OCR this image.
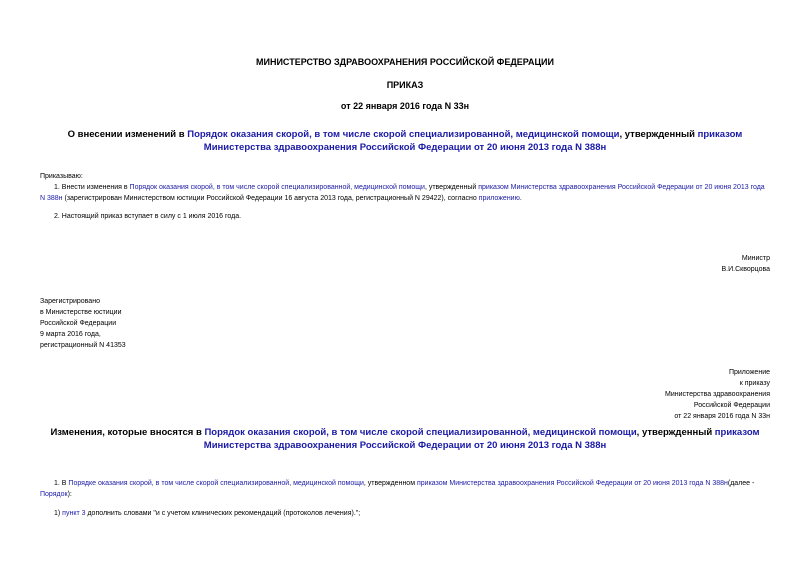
МИНИСТЕРСТВО ЗДРАВООХРАНЕНИЯ РОССИЙСКОЙ ФЕДЕРАЦИИ
ПРИКАЗ
от 22 января 2016 года N 33н
О внесении изменений в Порядок оказания скорой, в том числе скорой специализированной, медицинской помощи, утвержденный приказом Министерства здравоохранения Российской Федерации от 20 июня 2013 года N 388н
Приказываю:
1. Внести изменения в Порядок оказания скорой, в том числе скорой специализированной, медицинской помощи, утвержденный приказом Министерства здравоохранения Российской Федерации от 20 июня 2013 года N 388н (зарегистрирован Министерством юстиции Российской Федерации 16 августа 2013 года, регистрационный N 29422), согласно приложению.
2. Настоящий приказ вступает в силу с 1 июля 2016 года.
Министр
В.И.Скворцова
Зарегистрировано
в Министерстве юстиции
Российской Федерации
9 марта 2016 года,
регистрационный N 41353
Приложение
к приказу
Министерства здравоохранения
Российской Федерации
от 22 января 2016 года N 33н
Изменения, которые вносятся в Порядок оказания скорой, в том числе скорой специализированной, медицинской помощи, утвержденный приказом Министерства здравоохранения Российской Федерации от 20 июня 2013 года N 388н
1. В Порядке оказания скорой, в том числе скорой специализированной, медицинской помощи, утвержденном приказом Министерства здравоохранения Российской Федерации от 20 июня 2013 года N 388н(далее - Порядок):
1) пункт 3 дополнить словами "и с учетом клинических рекомендаций (протоколов лечения).";
